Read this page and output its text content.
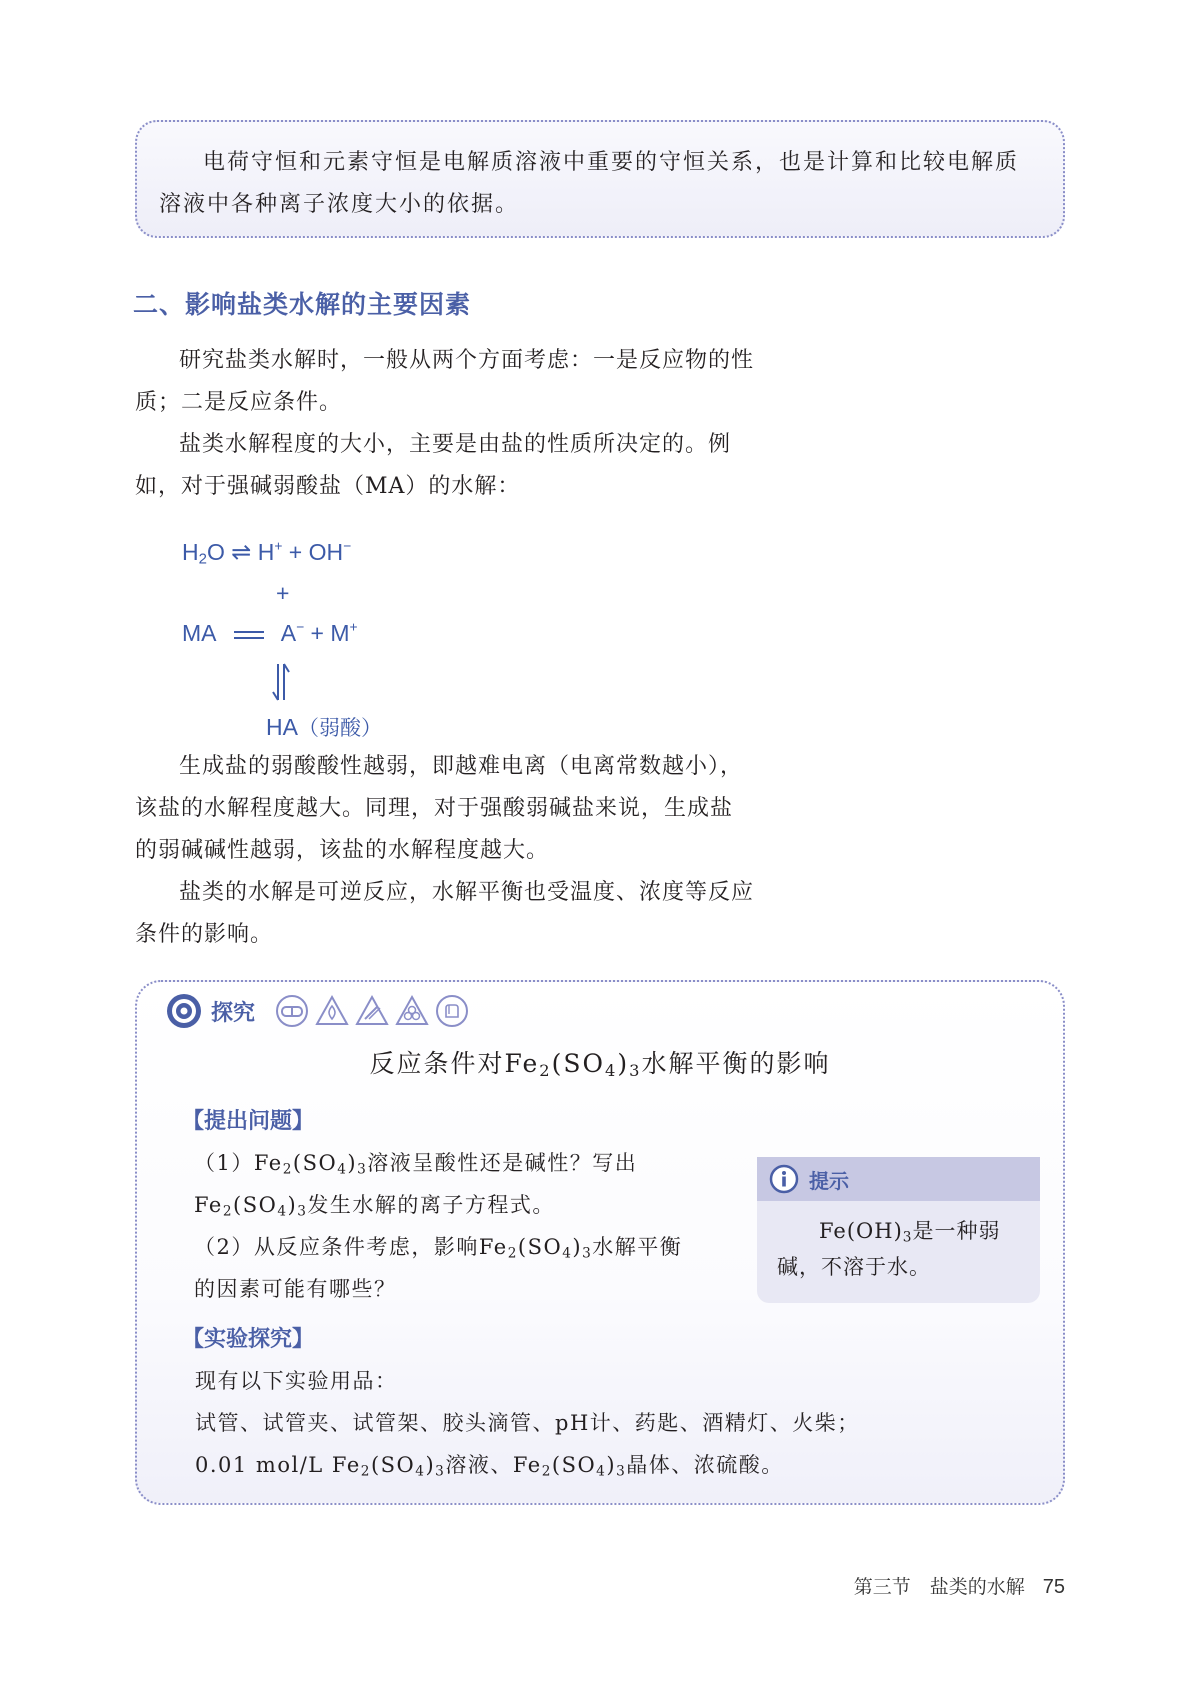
电荷守恒和元素守恒是电解质溶液中重要的守恒关系，也是计算和比较电解质溶液中各种离子浓度大小的依据。

二、影响盐类水解的主要因素

研究盐类水解时，一般从两个方面考虑：一是反应物的性质；二是反应条件。

盐类水解程度的大小，主要是由盐的性质所决定的。例如，对于强碱弱酸盐（MA）的水解：

$H_2O$ ⇌ H+ + OH−
+
MA	A− + M+
HA（弱酸）

生成盐的弱酸酸性越弱，即越难电离（电离常数越小），该盐的水解程度越大。同理，对于强酸弱碱盐来说，生成盐的弱碱碱性越弱，该盐的水解程度越大。

盐类的水解是可逆反应，水解平衡也受温度、浓度等反应条件的影响。

探究
反应条件对$Fe_2(SO_4)_3$水解平衡的影响
【提出问题】

$(1)Fe_2(SO_4)_3$溶液呈酸性还是碱性？写出$Fe_2(SO_4)_3$发生水解的离子方程式。

（2）从反应条件考虑，影响$Fe_2(SO_4)_3$水解平衡的因素可能有哪些？

提示

$Fe(OH)_3$是一种弱碱，不溶于水。

【实验探究】

现有以下实验用品：

试管、试管夹、试管架、胶头滴管、pH计、药匙、酒精灯、火柴；

0.01 mol/L $Fe_2(SO_4)_3$溶液、$Fe_2(SO_4)_3$晶体、浓硫酸。

第三节　盐类的水解 75
